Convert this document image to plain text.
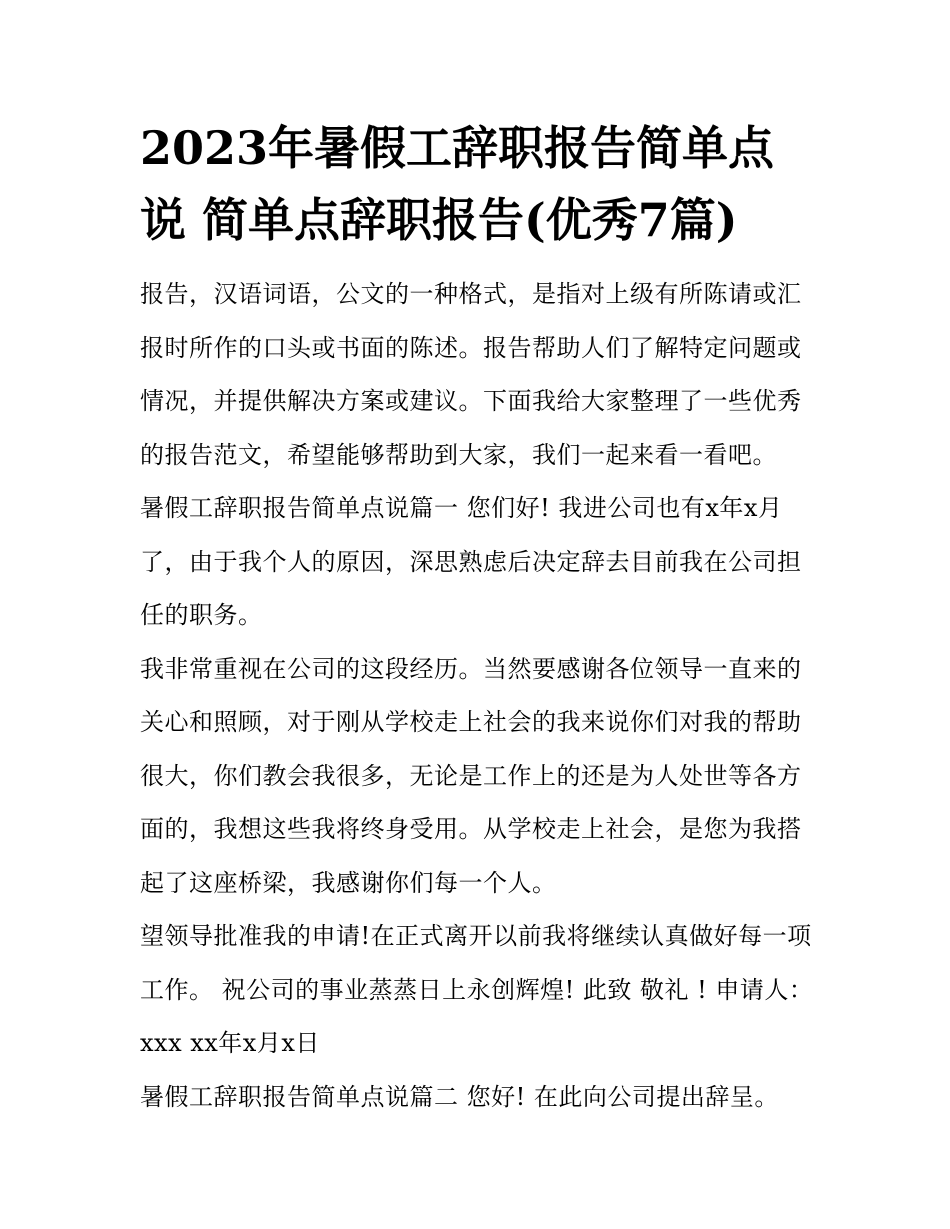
2023年暑假工辞职报告简单点说 简单点辞职报告(优秀7篇)

报告，汉语词语，公文的一种格式，是指对上级有所陈请或汇报时所作的口头或书面的陈述。报告帮助人们了解特定问题或情况，并提供解决方案或建议。下面我给大家整理了一些优秀的报告范文，希望能够帮助到大家，我们一起来看一看吧。

暑假工辞职报告简单点说篇一 您们好! 我进公司也有x年x月了，由于我个人的原因，深思熟虑后决定辞去目前我在公司担任的职务。

我非常重视在公司的这段经历。当然要感谢各位领导一直来的关心和照顾，对于刚从学校走上社会的我来说你们对我的帮助很大，你们教会我很多，无论是工作上的还是为人处世等各方面的，我想这些我将终身受用。从学校走上社会，是您为我搭起了这座桥梁，我感谢你们每一个人。

望领导批准我的申请!在正式离开以前我将继续认真做好每一项工作。 祝公司的事业蒸蒸日上永创辉煌! 此致 敬礼 ! 申请人：xxx xx年x月x日

暑假工辞职报告简单点说篇二 您好! 在此向公司提出辞呈。
